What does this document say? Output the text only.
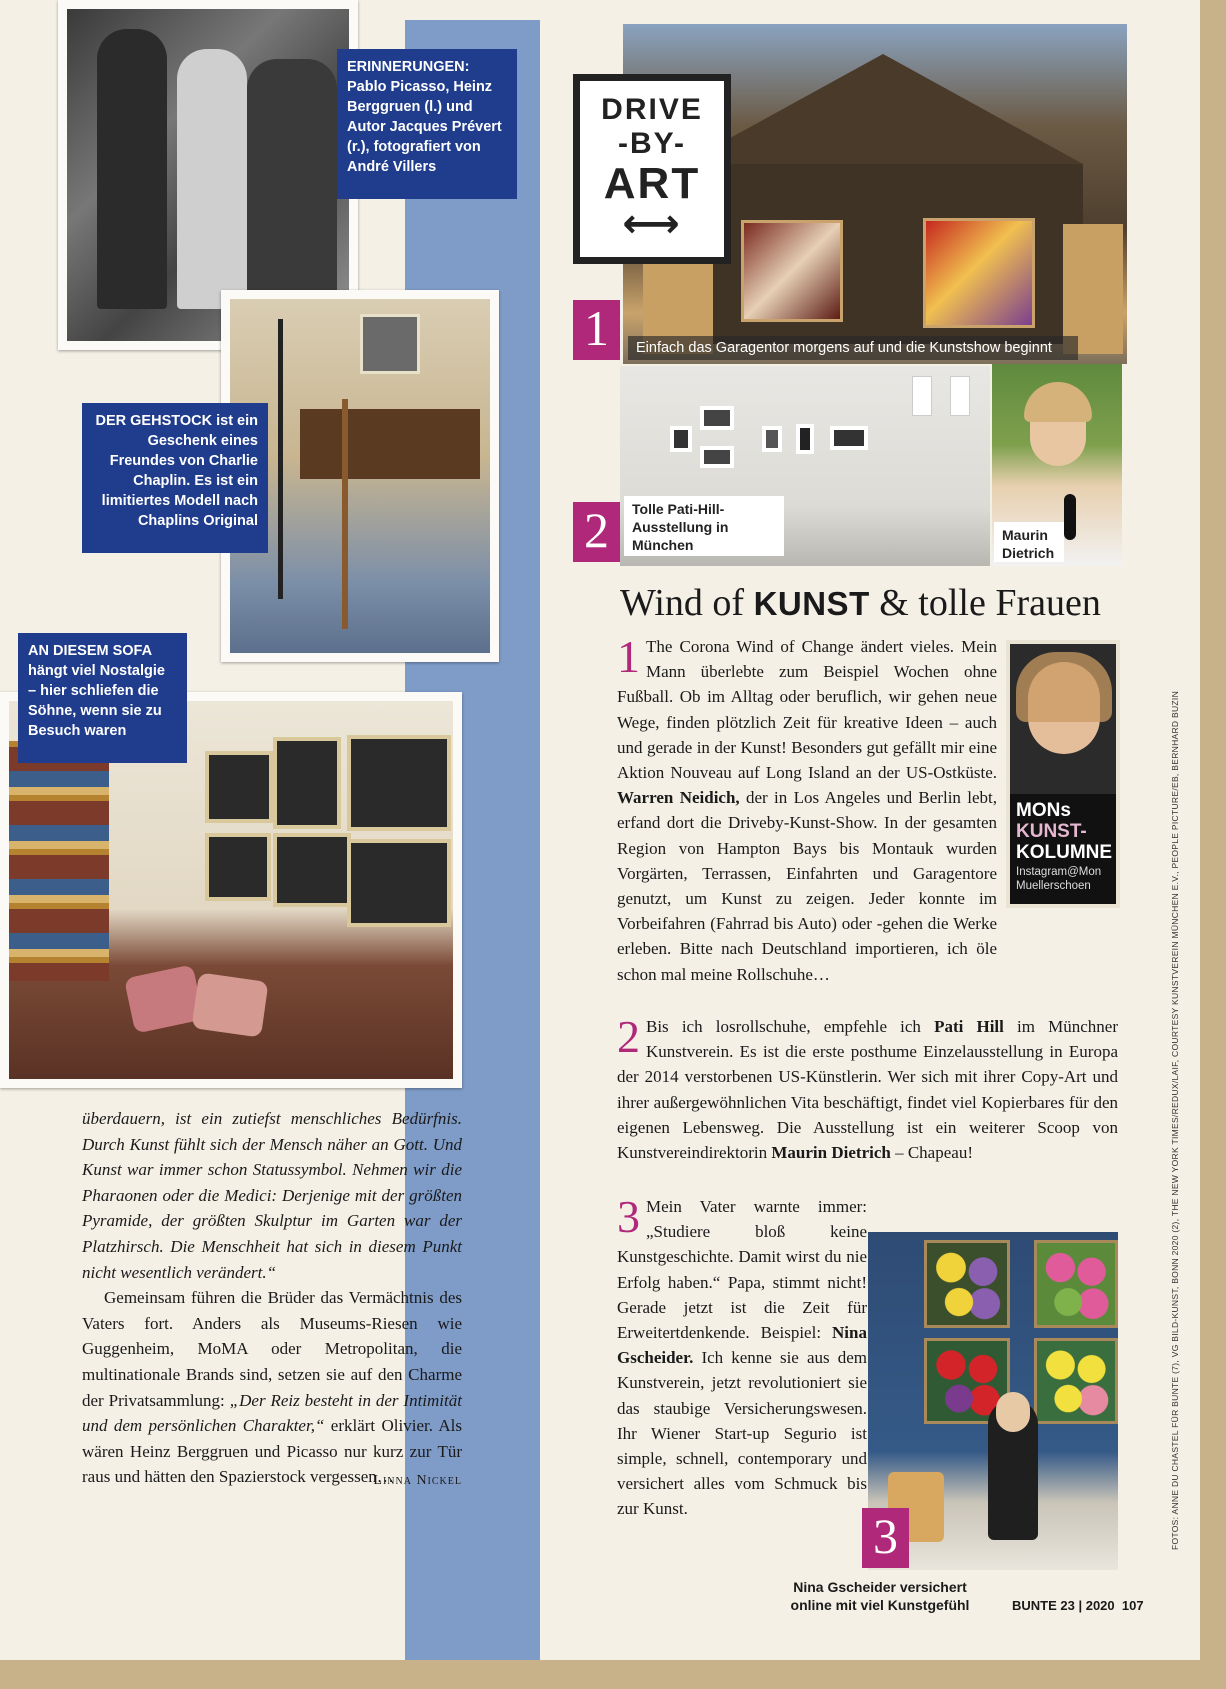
ERINNERUNGEN: Pablo Picasso, Heinz Berggruen (l.) und Autor Jacques Prévert (r.), fotografiert von André Villers
DER GEHSTOCK ist ein Geschenk eines Freundes von Charlie Chaplin. Es ist ein limitiertes Modell nach Chaplins Original
AN DIESEM SOFA hängt viel Nostalgie – hier schliefen die Söhne, wenn sie zu Besuch waren

überdauern, ist ein zutiefst menschliches Bedürfnis. Durch Kunst fühlt sich der Mensch näher an Gott. Und Kunst war immer schon Statussymbol. Nehmen wir die Pharaonen oder die Medici: Derjenige mit der größten Pyramide, der größten Skulptur im Garten war der Platzhirsch. Die Menschheit hat sich in diesem Punkt nicht wesentlich verändert.“

Gemeinsam führen die Brüder das Vermächtnis des Vaters fort. Anders als Museums-Riesen wie Guggenheim, MoMA oder Metropolitan, die multinationale Brands sind, setzen sie auf den Charme der Privatsammlung: „Der Reiz besteht in der Intimität und dem persönlichen Charakter,“ erklärt Olivier. Als wären Heinz Berggruen und Picasso nur kurz zur Tür raus und hätten den Spazierstock vergessen…

Linna Nickel

DRIVE
-BY-
ART
⟷
1	Einfach das Garagentor morgens auf und die Kunstshow beginnt
2	Tolle Pati-Hill-Ausstellung in München
Maurin Dietrich
Wind of KUNST & tolle Frauen
MONs
KUNST-
KOLUMNE
Instagram@Mon Muellerschoen

1 The Corona Wind of Change ändert vieles. Mein Mann überlebte zum Beispiel Wochen ohne Fußball. Ob im Alltag oder beruflich, wir gehen neue Wege, finden plötzlich Zeit für kreative Ideen – auch und gerade in der Kunst! Besonders gut gefällt mir eine Aktion Nouveau auf Long Island an der US-Ostküste. Warren Neidich, der in Los Angeles und Berlin lebt, erfand dort die Driveby-Kunst-Show. In der gesamten Region von Hampton Bays bis Montauk wurden Vorgärten, Terrassen, Einfahrten und Garagentore genutzt, um Kunst zu zeigen. Jeder konnte im Vorbeifahren (Fahrrad bis Auto) oder -gehen die Werke erleben. Bitte nach Deutschland importieren, ich öle schon mal meine Rollschuhe…

2 Bis ich losrollschuhe, empfehle ich Pati Hill im Münchner Kunstverein. Es ist die erste posthume Einzelausstellung in Europa der 2014 verstorbenen US-Künstlerin. Wer sich mit ihrer Copy-Art und ihrer außergewöhnlichen Vita beschäftigt, findet viel Kopierbares für den eigenen Lebensweg. Die Ausstellung ist ein weiterer Scoop von Kunstvereindirektorin Maurin Dietrich – Chapeau!

3 Mein Vater warnte immer: „Studiere bloß keine Kunstgeschichte. Damit wirst du nie Erfolg haben.“ Papa, stimmt nicht! Gerade jetzt ist die Zeit für Erweitertdenkende. Beispiel: Nina Gscheider. Ich kenne sie aus dem Kunstverein, jetzt revolutioniert sie das staubige Versicherungswesen. Ihr Wiener Start-up Segurio ist simple, schnell, contemporary und versichert alles vom Schmuck bis zur Kunst.	3
Nina Gscheider versichert online mit viel Kunstgefühl
FOTOS: ANNE DU CHASTEL FÜR BUNTE (7), VG BILD-KUNST, BONN 2020 (2), THE NEW YORK TIMES/REDUX/LAIF, COURTESY KUNSTVEREIN MÜNCHEN E.V., PEOPLE PICTURE/EB, BERNHARD BUZIN
BUNTE 23 | 2020  107
